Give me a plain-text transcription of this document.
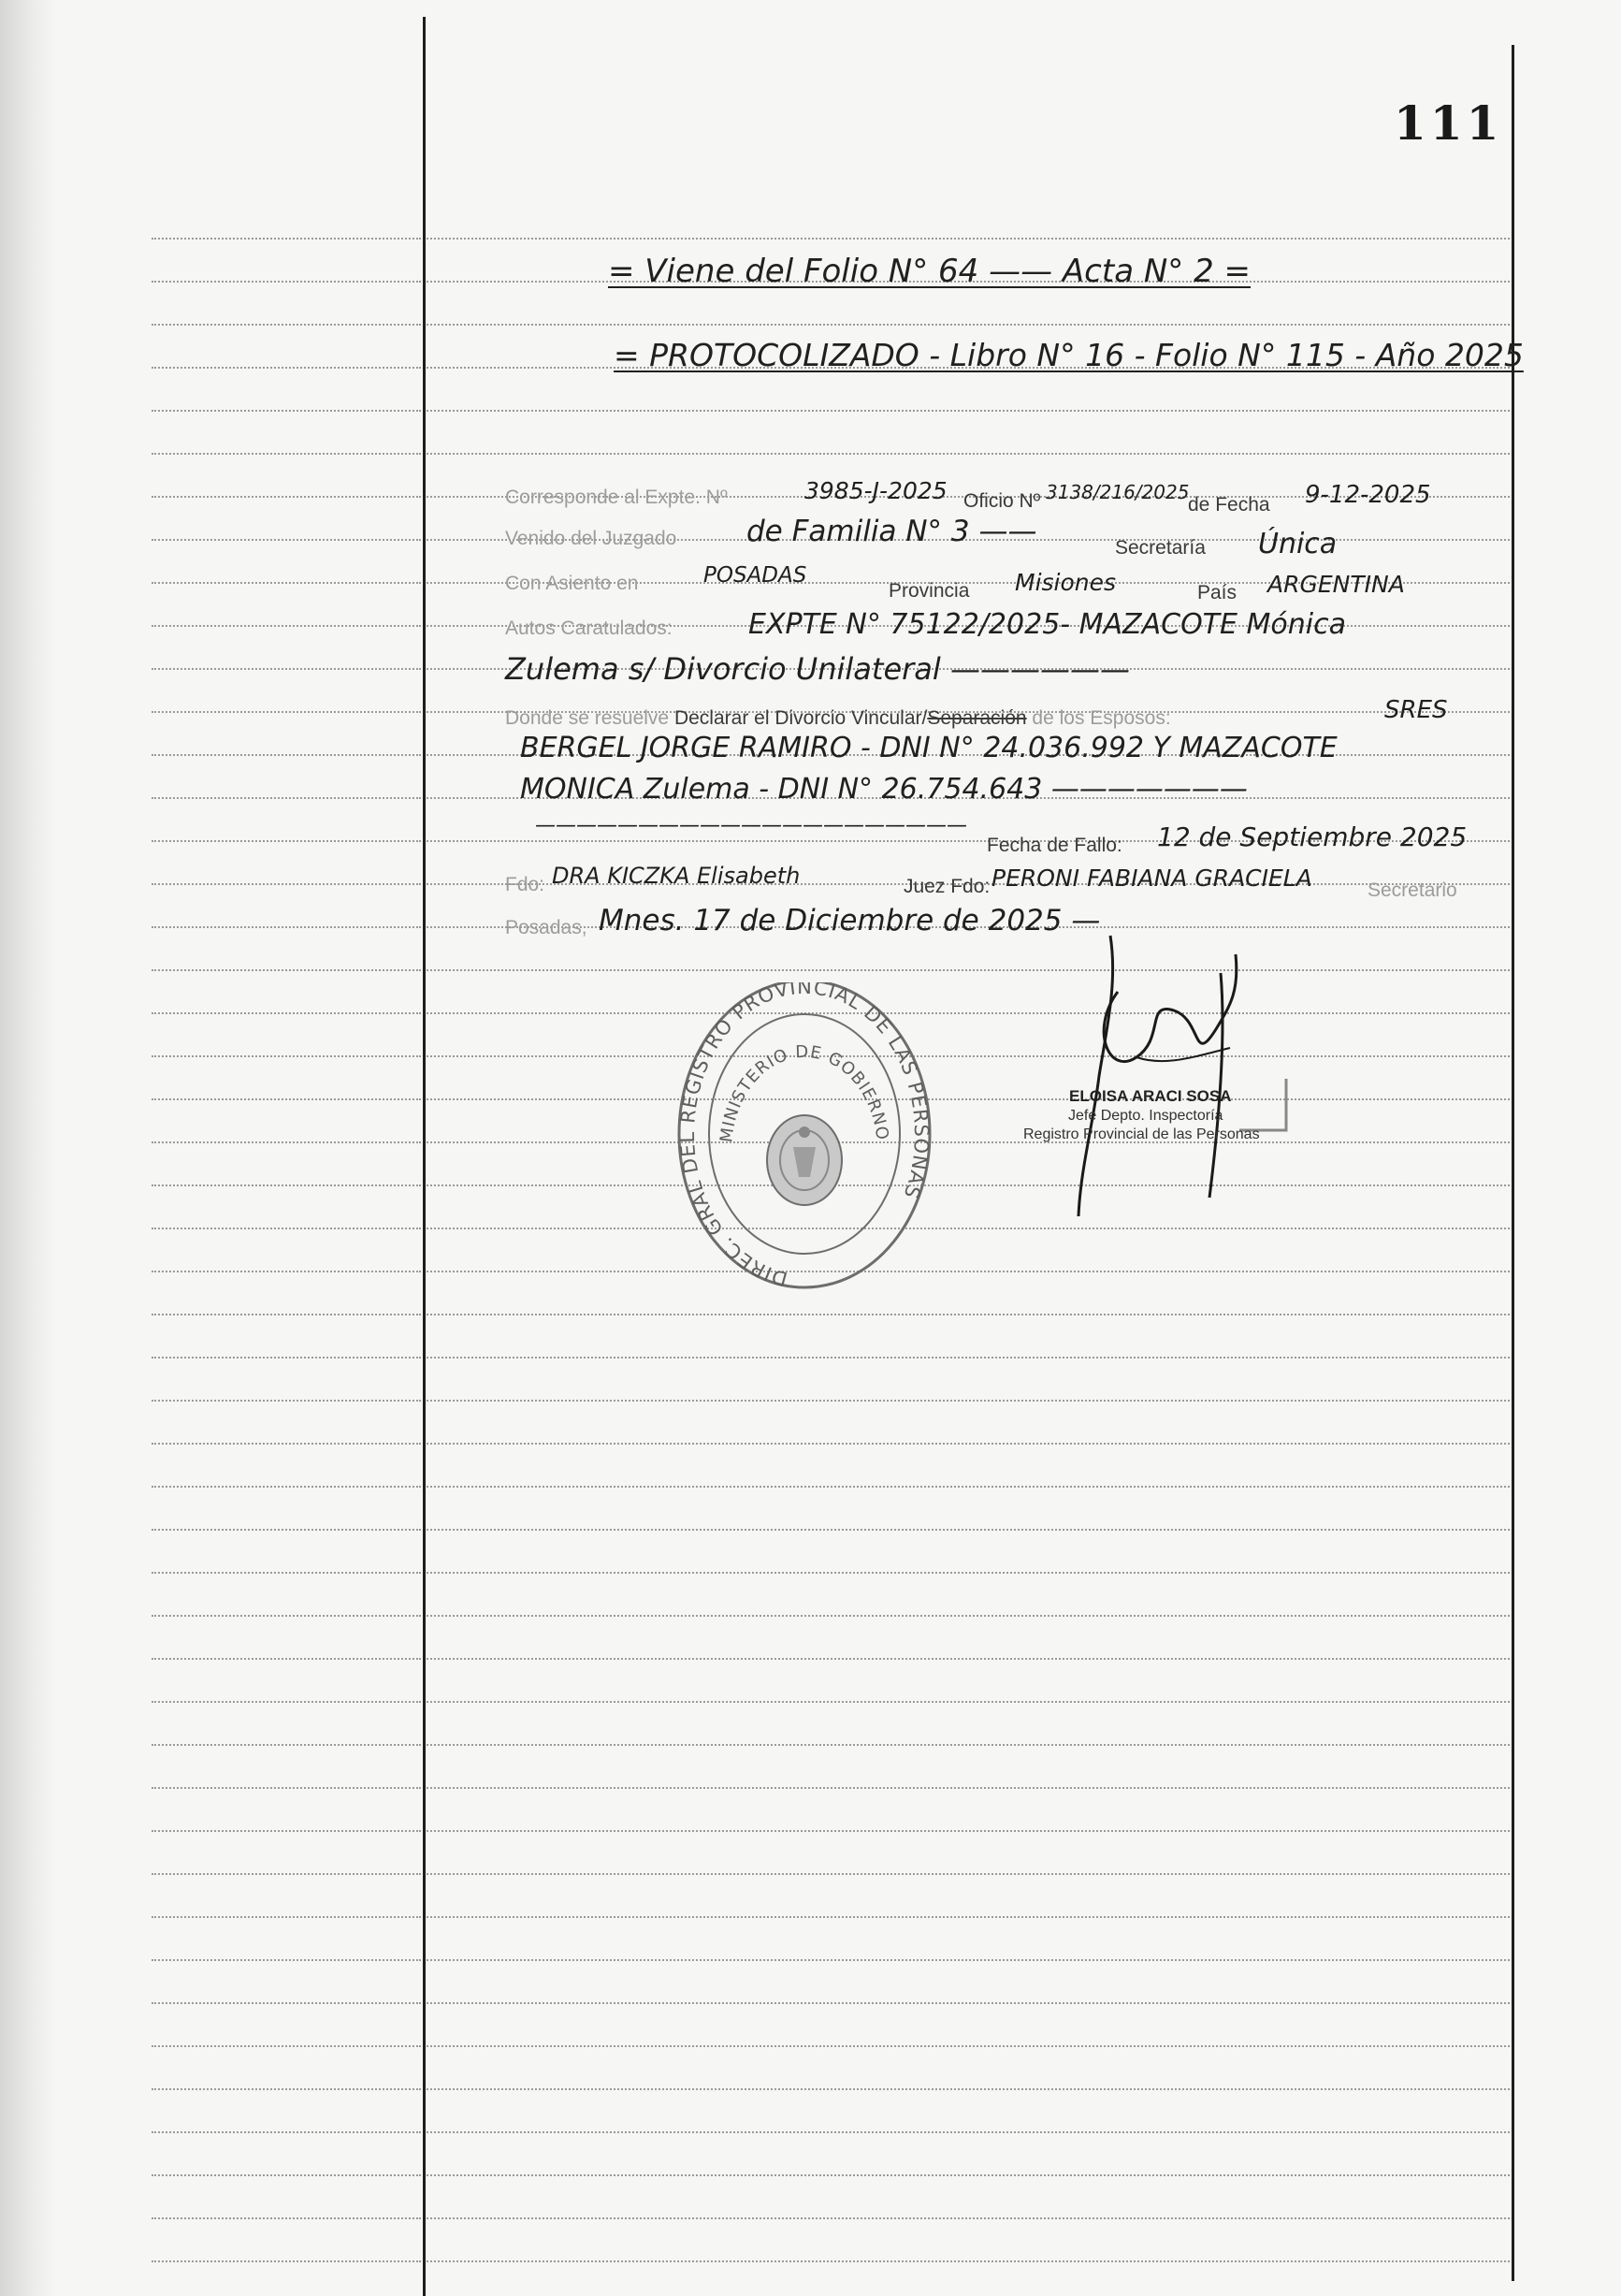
111
= Viene del Folio N° 64 —— Acta N° 2 =
= PROTOCOLIZADO - Libro N° 16 - Folio N° 115 - Año 2025
Corresponde al Expte. Nº	3985-J-2025 Oficio Nº 3138/216/2025
de Fecha 9-12-2025
Venido del Juzgado de Familia N° 3 ——	Secretaría Única
Con Asiento en	POSADAS
Provincia Misiones	País ARGENTINA
Autos Caratulados:	EXPTE N° 75122/2025- MAZACOTE Mónica
Zulema s/ Divorcio Unilateral ——————
Donde se resuelve Declarar el Divorcio Vincular/Separación de los Esposos:	SRES
BERGEL JORGE RAMIRO - DNI N° 24.036.992 Y MAZACOTE
MONICA Zulema - DNI N° 26.754.643 ———————
—————————————————————
Fecha de Fallo: 12 de Septiembre 2025
Fdo: DRA KICZKA Elisabeth	Juez Fdo: PERONI FABIANA GRACIELA	Secretario
Posadas, Mnes. 17 de Diciembre de 2025 —
DIREC. GRAL DEL REGISTRO PROVINCIAL DE LAS PERSONAS
MINISTERIO DE GOBIERNO
ELOISA ARACI SOSA
Jefe Depto. Inspectoría
Registro Provincial de las Personas
